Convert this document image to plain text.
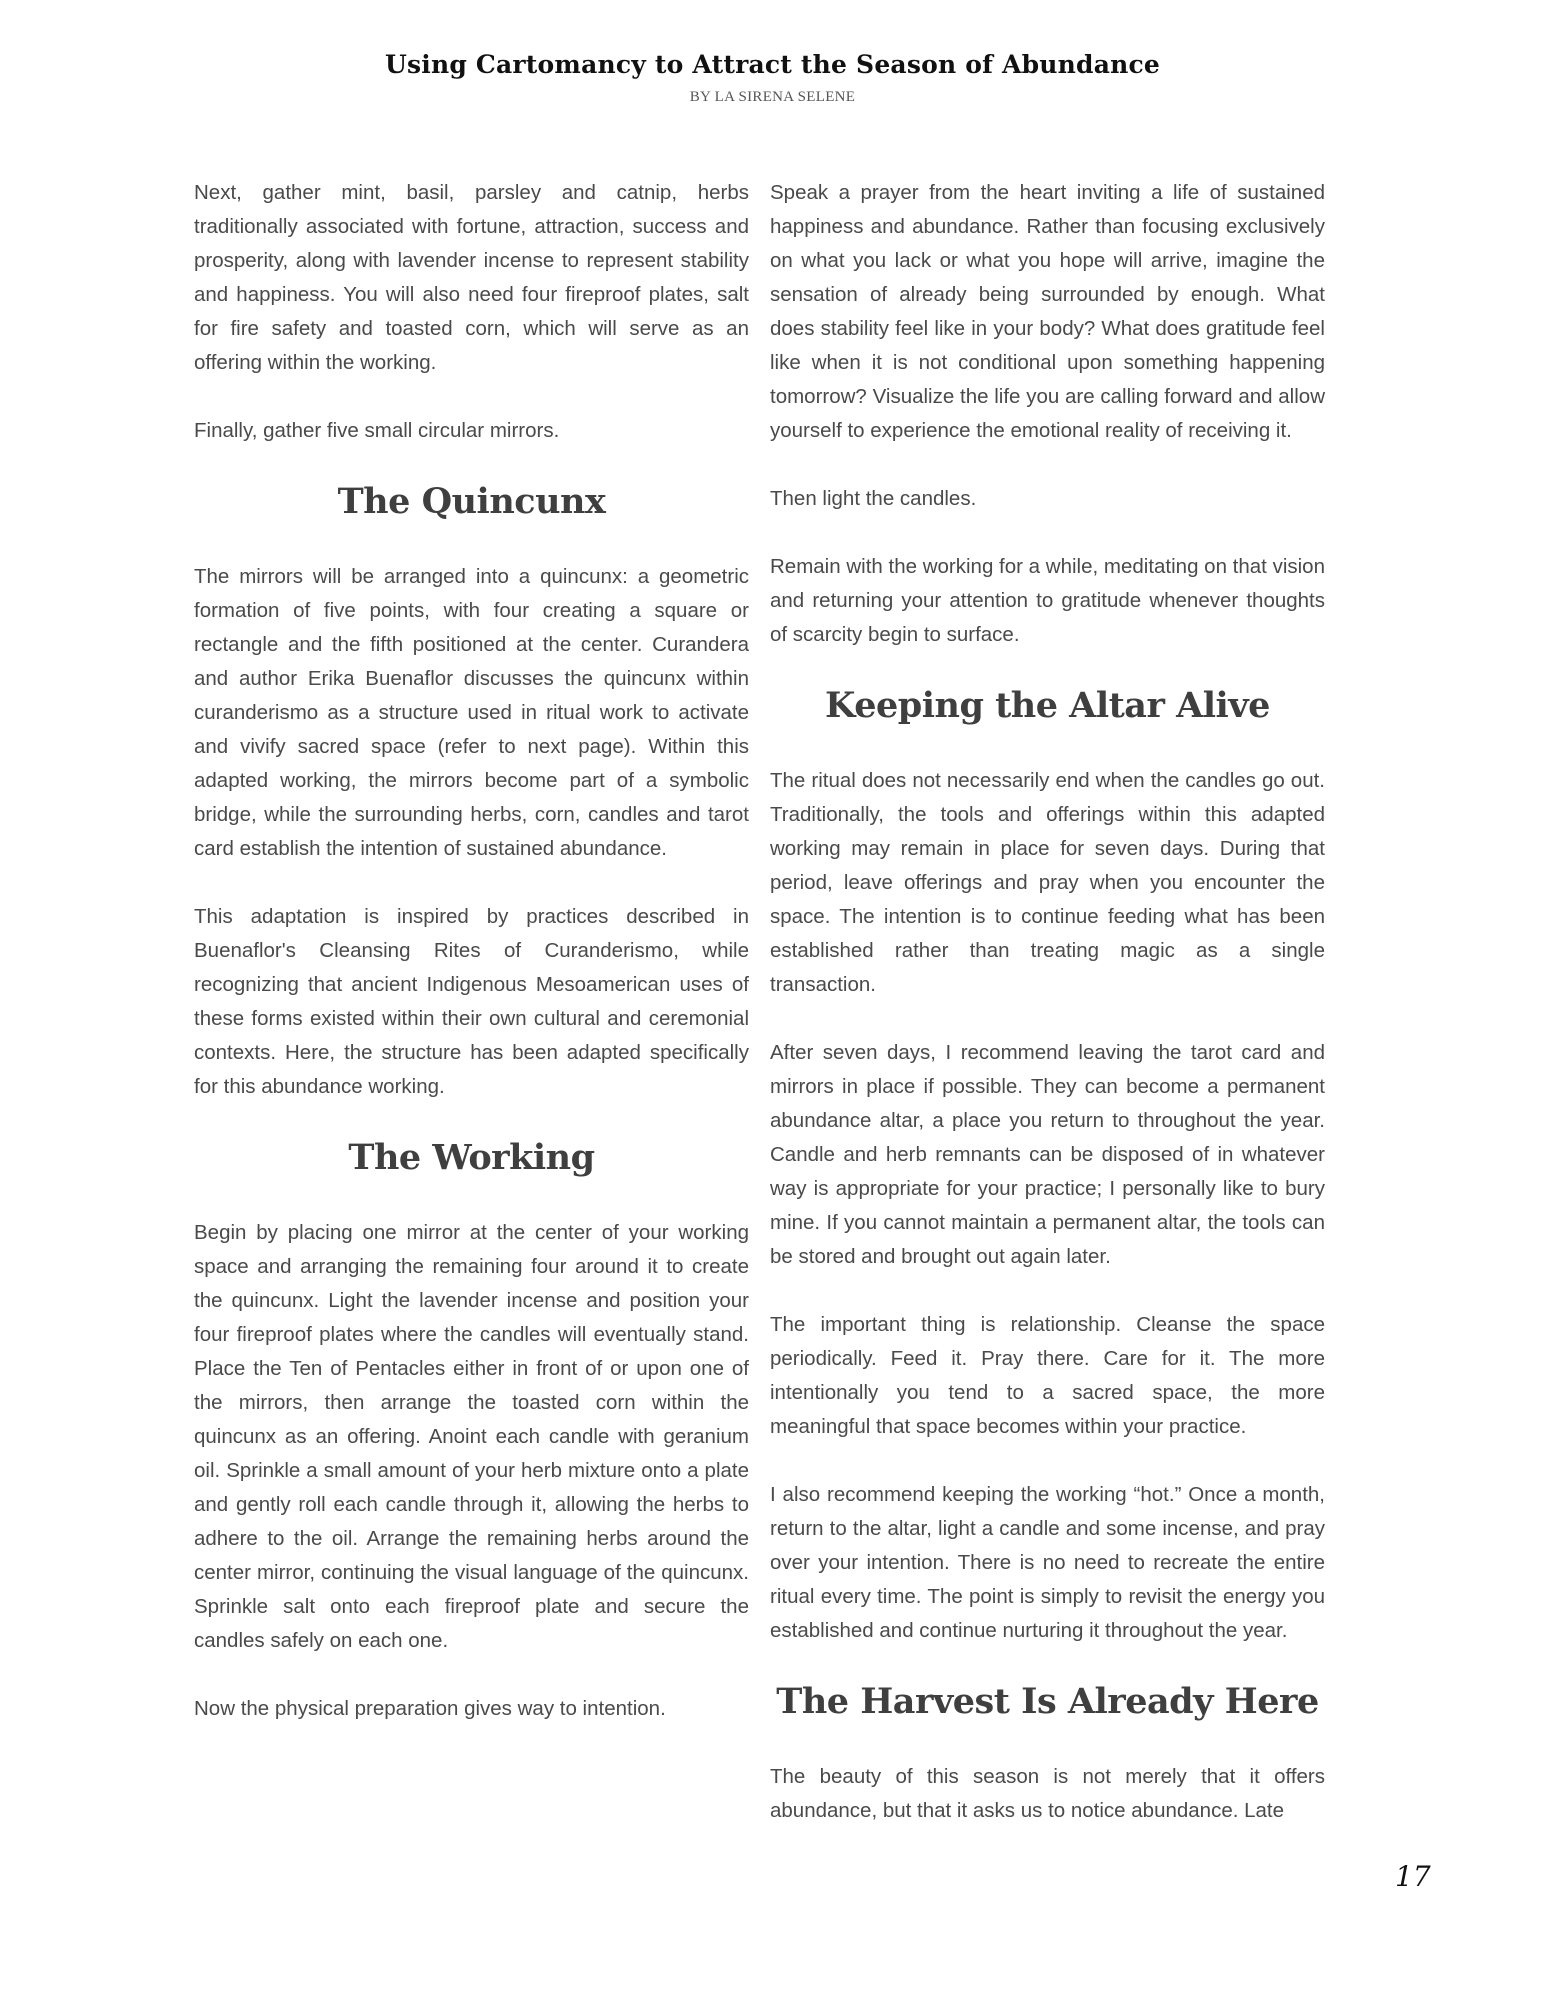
Using Cartomancy to Attract the Season of Abundance
BY LA SIRENA SELENE

Next, gather mint, basil, parsley and catnip, herbs traditionally associated with fortune, attraction, success and prosperity, along with lavender incense to represent stability and happiness. You will also need four fireproof plates, salt for fire safety and toasted corn, which will serve as an offering within the working.

Finally, gather five small circular mirrors.

The Quincunx

The mirrors will be arranged into a quincunx: a geometric formation of five points, with four creating a square or rectangle and the fifth positioned at the center. Curandera and author Erika Buenaflor discusses the quincunx within curanderismo as a structure used in ritual work to activate and vivify sacred space (refer to next page). Within this adapted working, the mirrors become part of a symbolic bridge, while the surrounding herbs, corn, candles and tarot card establish the intention of sustained abundance.

This adaptation is inspired by practices described in Buenaflor's Cleansing Rites of Curanderismo, while recognizing that ancient Indigenous Mesoamerican uses of these forms existed within their own cultural and ceremonial contexts. Here, the structure has been adapted specifically for this abundance working.

The Working

Begin by placing one mirror at the center of your working space and arranging the remaining four around it to create the quincunx. Light the lavender incense and position your four fireproof plates where the candles will eventually stand. Place the Ten of Pentacles either in front of or upon one of the mirrors, then arrange the toasted corn within the quincunx as an offering. Anoint each candle with geranium oil. Sprinkle a small amount of your herb mixture onto a plate and gently roll each candle through it, allowing the herbs to adhere to the oil. Arrange the remaining herbs around the center mirror, continuing the visual language of the quincunx. Sprinkle salt onto each fireproof plate and secure the candles safely on each one.

Now the physical preparation gives way to intention.

Speak a prayer from the heart inviting a life of sustained happiness and abundance. Rather than focusing exclusively on what you lack or what you hope will arrive, imagine the sensation of already being surrounded by enough. What does stability feel like in your body? What does gratitude feel like when it is not conditional upon something happening tomorrow? Visualize the life you are calling forward and allow yourself to experience the emotional reality of receiving it.

Then light the candles.

Remain with the working for a while, meditating on that vision and returning your attention to gratitude whenever thoughts of scarcity begin to surface.

Keeping the Altar Alive

The ritual does not necessarily end when the candles go out. Traditionally, the tools and offerings within this adapted working may remain in place for seven days. During that period, leave offerings and pray when you encounter the space. The intention is to continue feeding what has been established rather than treating magic as a single transaction.

After seven days, I recommend leaving the tarot card and mirrors in place if possible. They can become a permanent abundance altar, a place you return to throughout the year. Candle and herb remnants can be disposed of in whatever way is appropriate for your practice; I personally like to bury mine. If you cannot maintain a permanent altar, the tools can be stored and brought out again later.

The important thing is relationship. Cleanse the space periodically. Feed it. Pray there. Care for it. The more intentionally you tend to a sacred space, the more meaningful that space becomes within your practice.

I also recommend keeping the working “hot.” Once a month, return to the altar, light a candle and some incense, and pray over your intention. There is no need to recreate the entire ritual every time. The point is simply to revisit the energy you established and continue nurturing it throughout the year.

The Harvest Is Already Here

The beauty of this season is not merely that it offers abundance, but that it asks us to notice abundance. Late

17
